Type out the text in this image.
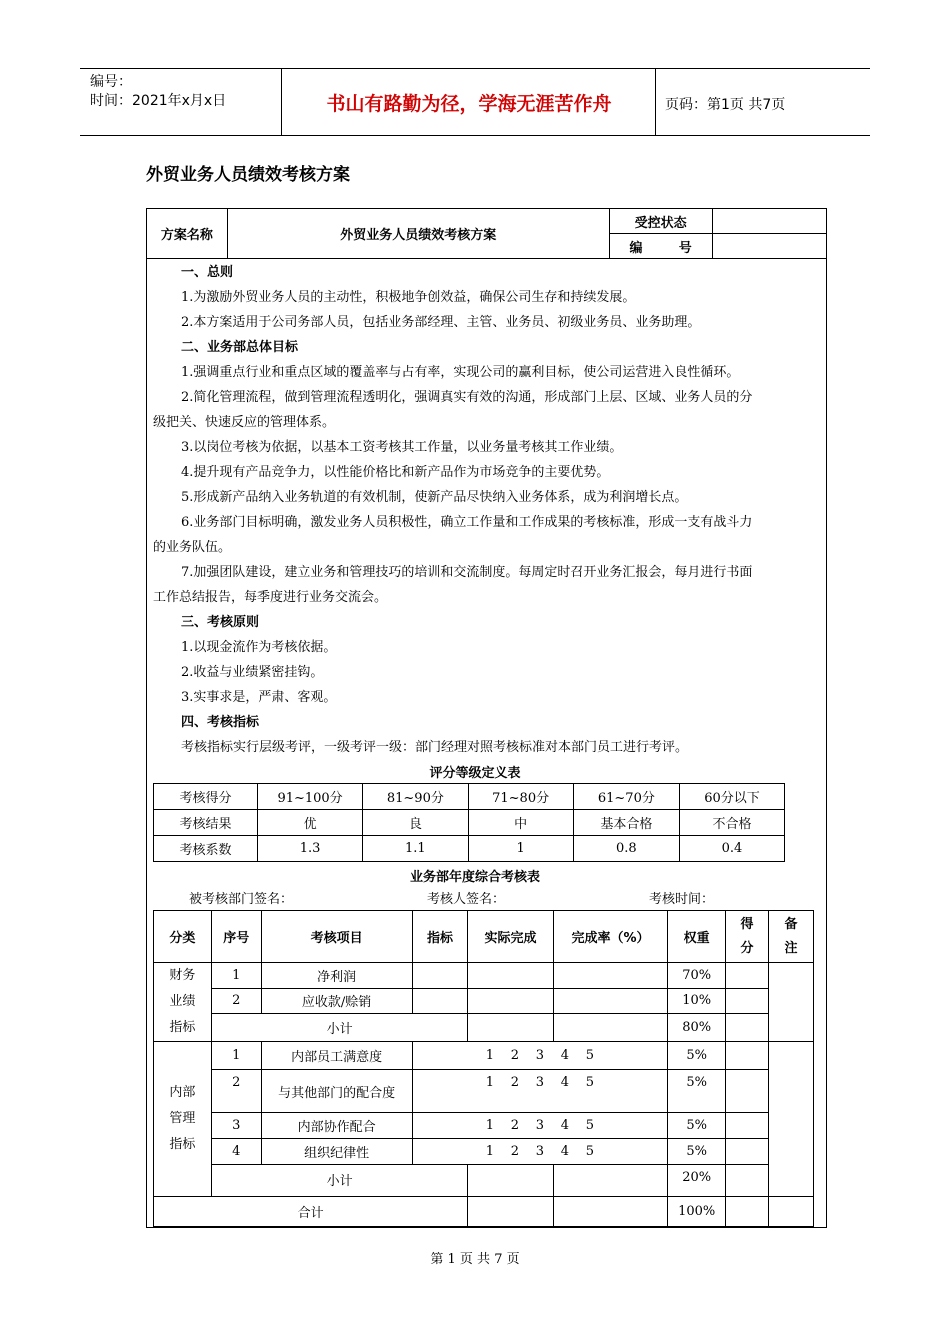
编号：
时间：2021年x月x日	书山有路勤为径，学海无涯苦作舟	页码：第1页 共7页
外贸业务人员绩效考核方案
方案名称	外贸业务人员绩效考核方案	受控状态	
		编        号	
一、总则
1.为激励外贸业务人员的主动性，积极地争创效益，确保公司生存和持续发展。
2.本方案适用于公司务部人员，包括业务部经理、主管、业务员、初级业务员、业务助理。
二、业务部总体目标
1.强调重点行业和重点区域的覆盖率与占有率，实现公司的赢利目标，使公司运营进入良性循环。
2.简化管理流程，做到管理流程透明化，强调真实有效的沟通，形成部门上层、区域、业务人员的分
级把关、快速反应的管理体系。
3.以岗位考核为依据，以基本工资考核其工作量，以业务量考核其工作业绩。
4.提升现有产品竞争力，以性能价格比和新产品作为市场竞争的主要优势。
5.形成新产品纳入业务轨道的有效机制，使新产品尽快纳入业务体系，成为利润增长点。
6.业务部门目标明确，激发业务人员积极性，确立工作量和工作成果的考核标准，形成一支有战斗力
的业务队伍。
7.加强团队建设，建立业务和管理技巧的培训和交流制度。每周定时召开业务汇报会，每月进行书面
工作总结报告，每季度进行业务交流会。
三、考核原则
1.以现金流作为考核依据。
2.收益与业绩紧密挂钩。
3.实事求是，严肃、客观。
四、考核指标
考核指标实行层级考评，一级考评一级：部门经理对照考核标准对本部门员工进行考评。
评分等级定义表
考核得分	91~100分	81~90分	71~80分	61~70分	60分以下
考核结果	优	良	中	基本合格	不合格
考核系数	1.3	1.1	1	0.8	0.4
业务部年度综合考核表
被考核部门签名：	考核人签名：	考核时间：
分类	序号	考核项目	指标	实际完成	完成率（%）	权重	得分	备注
财务业绩指标	1	净利润				70%		
	2	应收款/赊销				10%		
	小计					80%		
内部管理指标	1	内部员工满意度	1 2 3 4 5			5%		
	2	与其他部门的配合度	1 2 3 4 5			5%		
	3	内部协作配合	1 2 3 4 5			5%		
	4	组织纪律性	1 2 3 4 5			5%		
	小计					20%		
合计						100%		
第 1 页 共 7 页
